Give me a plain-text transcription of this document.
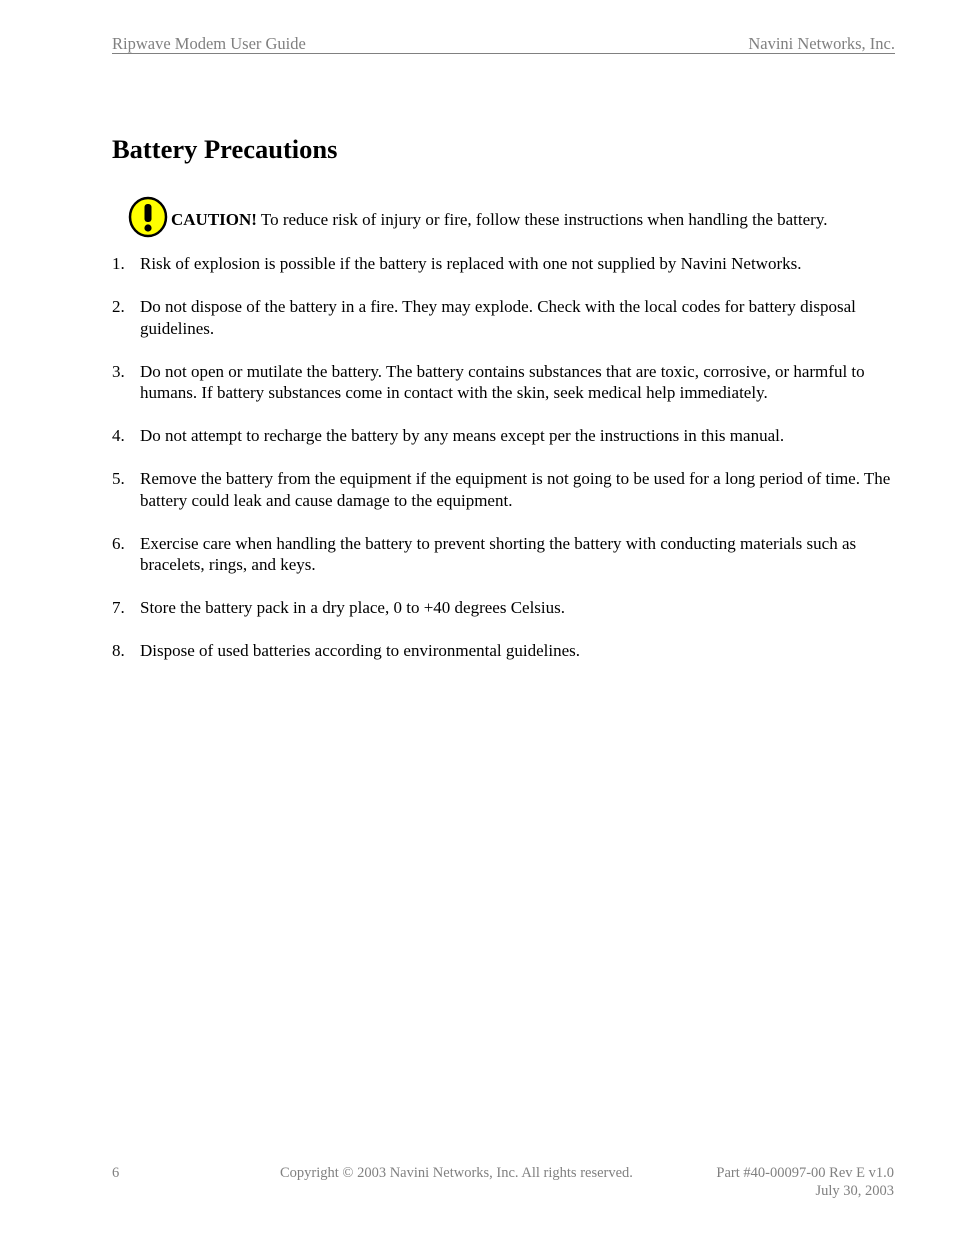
Ripwave Modem User Guide	Navini Networks, Inc.
Battery Precautions
CAUTION! To reduce risk of injury or fire, follow these instructions when handling the battery.
1. Risk of explosion is possible if the battery is replaced with one not supplied by Navini Networks.
2. Do not dispose of the battery in a fire. They may explode. Check with the local codes for battery disposal guidelines.
3. Do not open or mutilate the battery. The battery contains substances that are toxic, corrosive, or harmful to humans. If battery substances come in contact with the skin, seek medical help immediately.
4. Do not attempt to recharge the battery by any means except per the instructions in this manual.
5. Remove the battery from the equipment if the equipment is not going to be used for a long period of time. The battery could leak and cause damage to the equipment.
6. Exercise care when handling the battery to prevent shorting the battery with conducting materials such as bracelets, rings, and keys.
7. Store the battery pack in a dry place, 0 to +40 degrees Celsius.
8. Dispose of used batteries according to environmental guidelines.
6	Copyright © 2003 Navini Networks, Inc. All rights reserved.	Part #40-00097-00 Rev E v1.0
July 30, 2003
